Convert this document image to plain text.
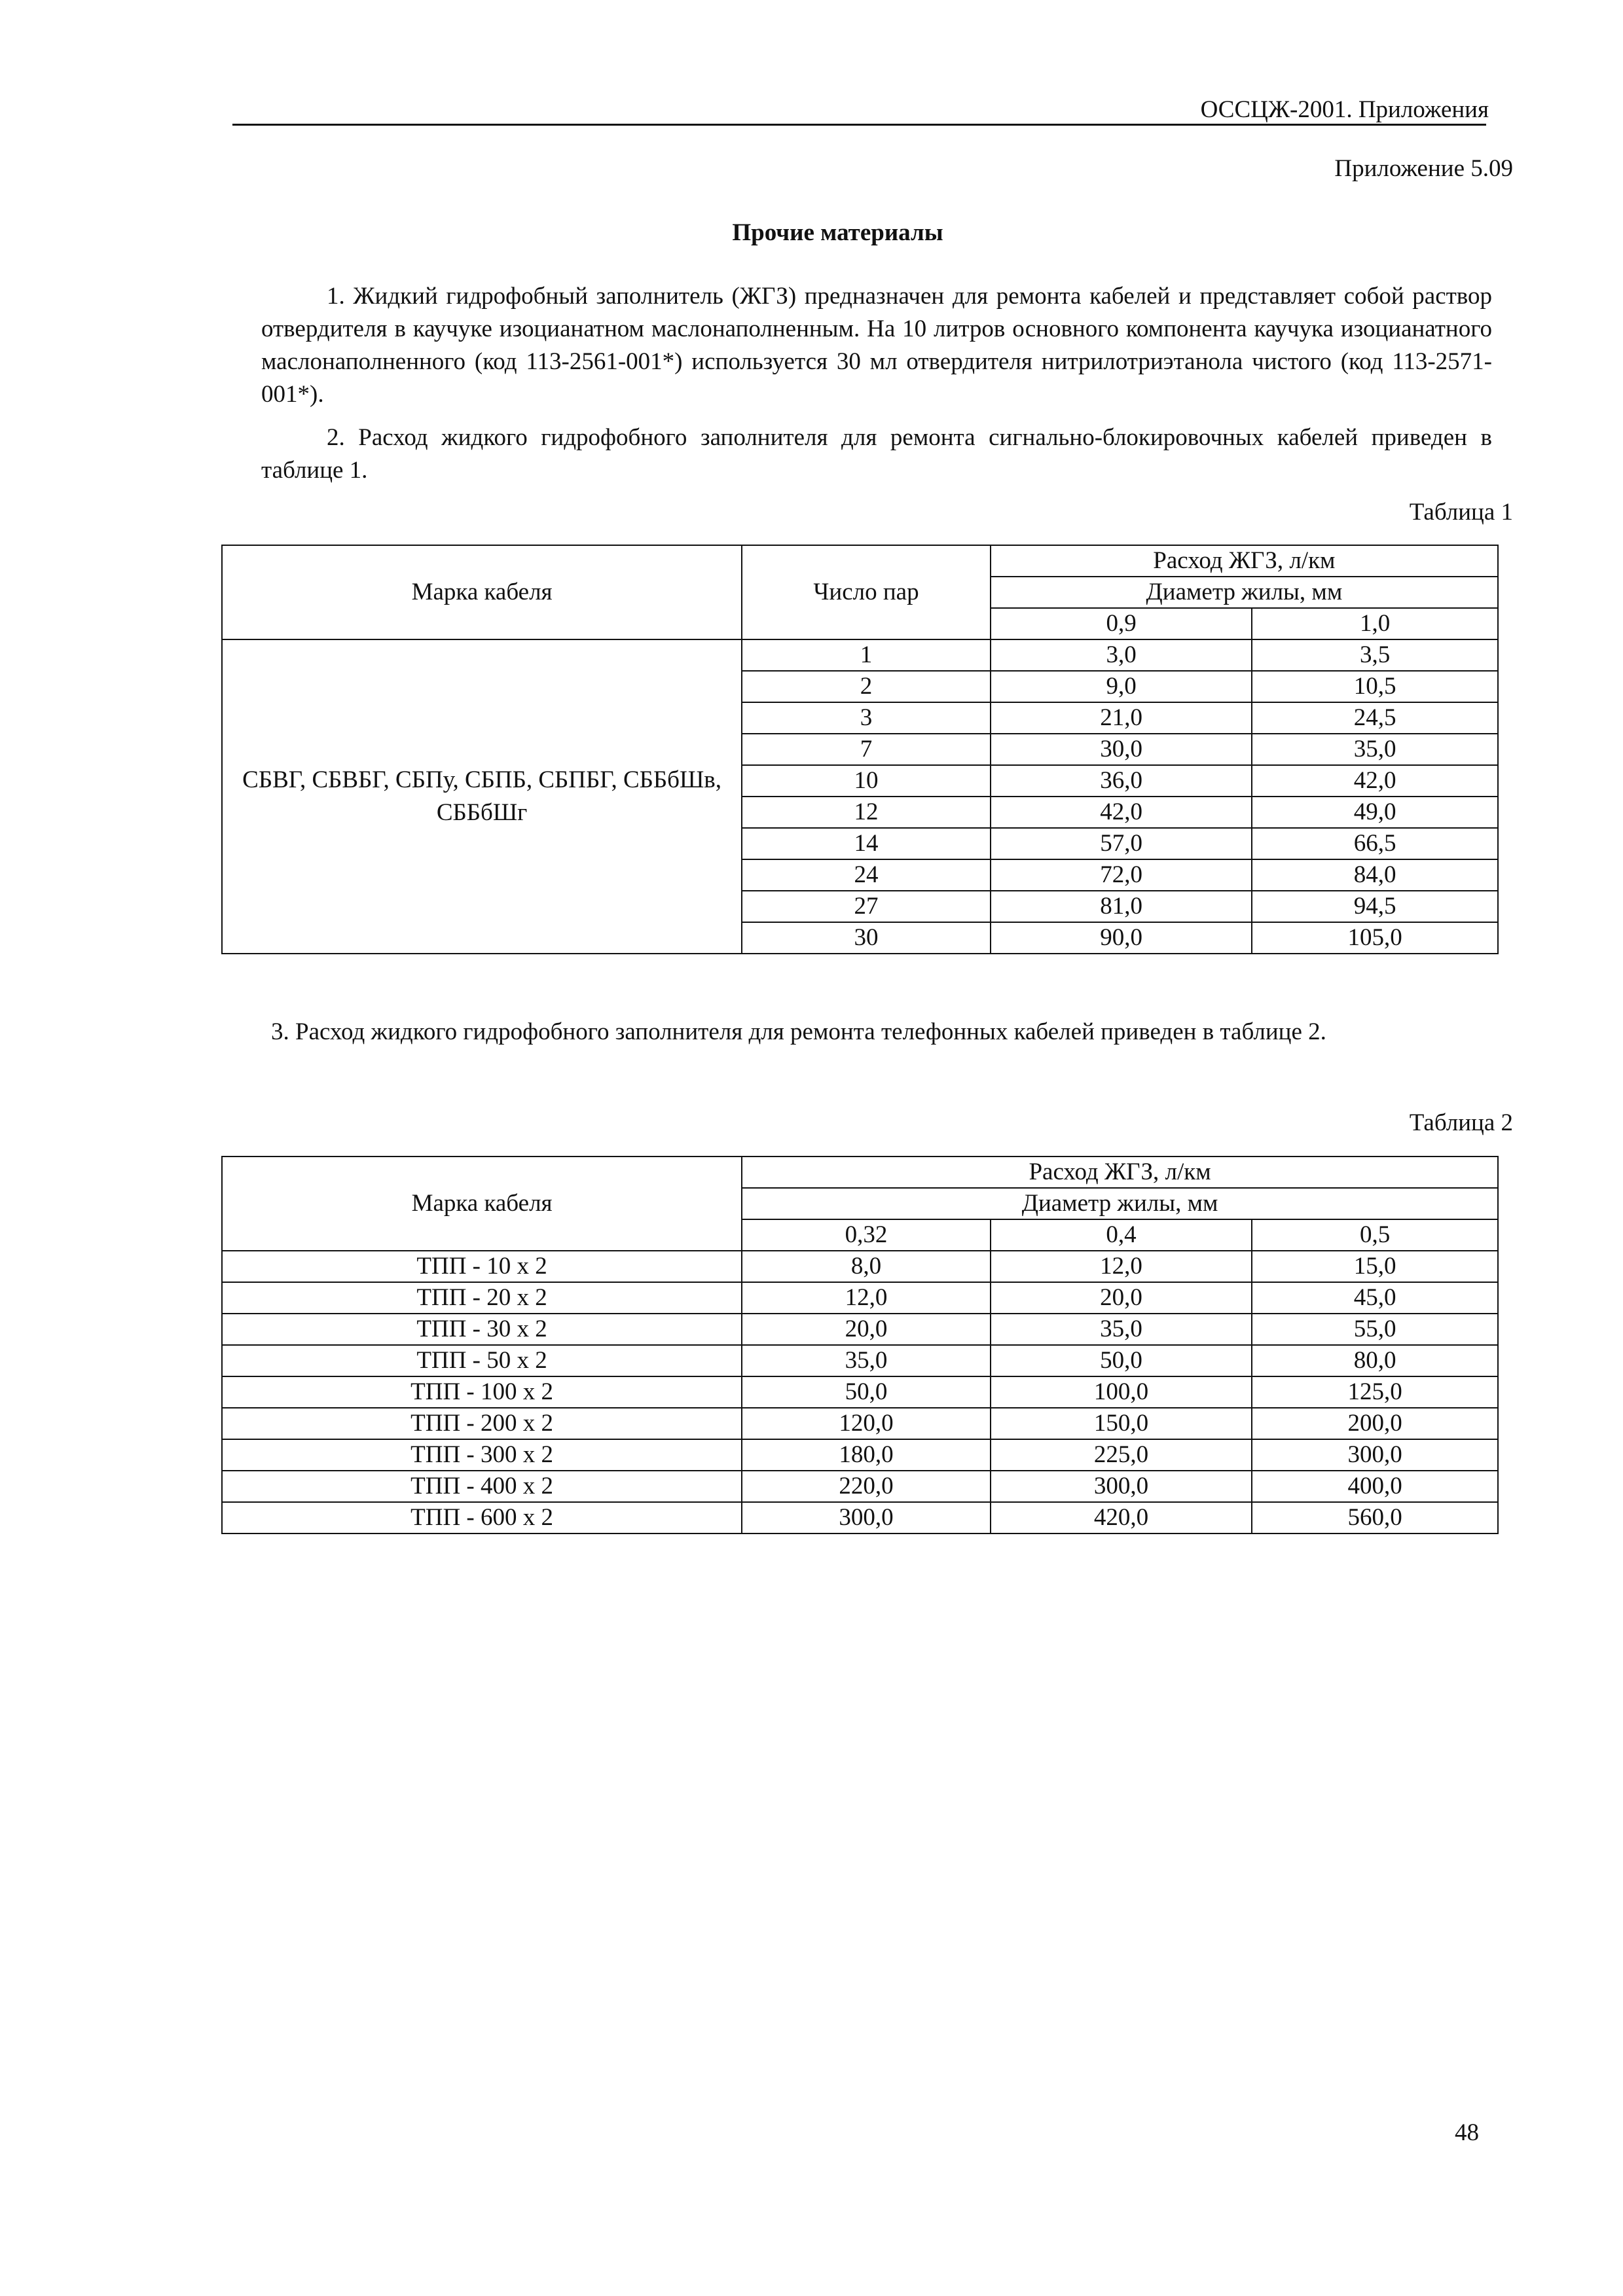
ОССЦЖ-2001. Приложения
Приложение 5.09
Прочие материалы
1. Жидкий гидрофобный заполнитель (ЖГЗ) предназначен для ремонта кабелей и представляет собой раствор отвердителя в каучуке изоцианатном маслонаполненным. На 10 литров основного компонента каучука изоцианатного маслонаполненного (код 113-2561-001*) используется 30 мл отвердителя нитрилотриэтанола чистого (код 113-2571-001*).
2. Расход жидкого гидрофобного заполнителя для ремонта сигнально-блокировочных кабелей приведен в таблице 1.
Таблица 1
Марка кабеля	Число пар	Расход ЖГЗ, л/км	
		Диаметр жилы, мм	
		0,9	1,0
СБВГ, СБВБГ, СБПу, СБПБ, СБПБГ, СББбШв, СББбШг	1	3,0	3,5
	2	9,0	10,5
	3	21,0	24,5
	7	30,0	35,0
	10	36,0	42,0
	12	42,0	49,0
	14	57,0	66,5
	24	72,0	84,0
	27	81,0	94,5
	30	90,0	105,0
3. Расход жидкого гидрофобного заполнителя для ремонта телефонных кабелей приведен в таблице 2.
Таблица 2
Марка кабеля	Расход ЖГЗ, л/км		
	Диаметр жилы, мм		
	0,32	0,4	0,5
ТПП - 10 х 2	8,0	12,0	15,0
ТПП - 20 х 2	12,0	20,0	45,0
ТПП - 30 х 2	20,0	35,0	55,0
ТПП - 50 х 2	35,0	50,0	80,0
ТПП - 100 х 2	50,0	100,0	125,0
ТПП - 200 х 2	120,0	150,0	200,0
ТПП - 300 х 2	180,0	225,0	300,0
ТПП - 400 х 2	220,0	300,0	400,0
ТПП - 600 х 2	300,0	420,0	560,0
48
